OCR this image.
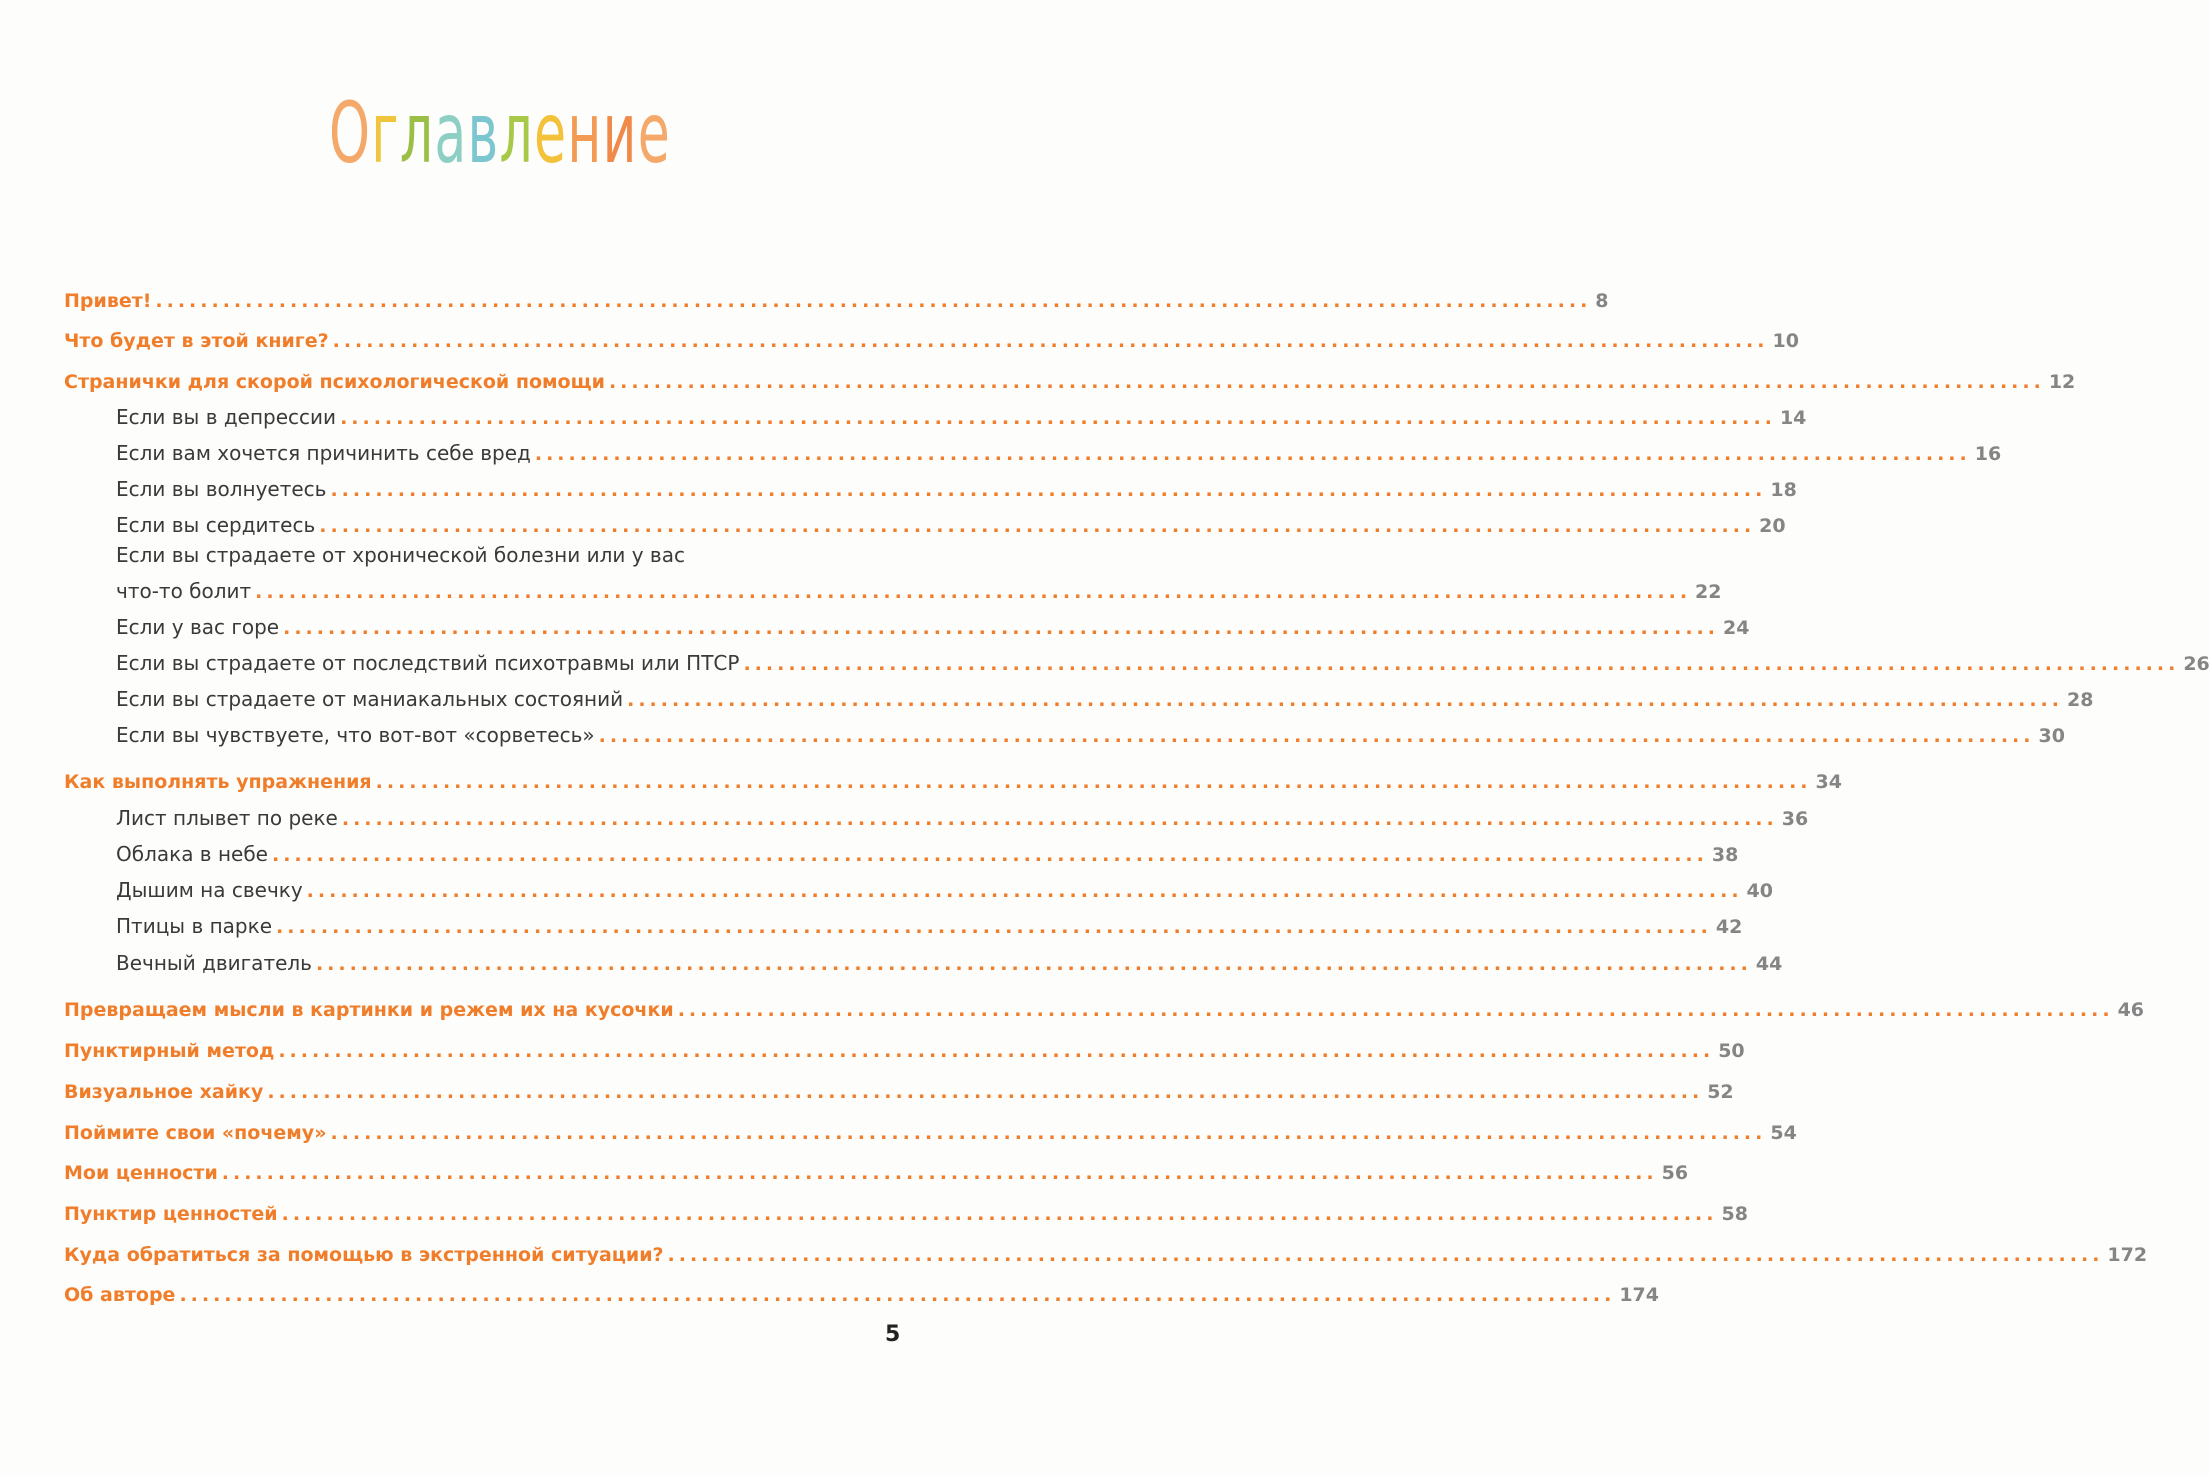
Оглавление
Привет! ................................................................................................................................ 8
Что будет в этой книге? ................................................................................................................................ 10
Странички для скорой психологической помощи ................................................................................................................................ 12
Если вы в депрессии ................................................................................................................................ 14
Если вам хочется причинить себе вред ................................................................................................................................ 16
Если вы волнуетесь ................................................................................................................................ 18
Если вы сердитесь ................................................................................................................................ 20
что-то болит ................................................................................................................................ 22
Если вы страдаете от хронической болезни или у вас
Если у вас горе ................................................................................................................................ 24
Если вы страдаете от последствий психотравмы или ПТСР ................................................................................................................................ 26
Если вы страдаете от маниакальных состояний ................................................................................................................................ 28
Если вы чувствуете, что вот-вот «сорветесь» ................................................................................................................................ 30
Как выполнять упражнения ................................................................................................................................ 34
Лист плывет по реке ................................................................................................................................ 36
Облака в небе ................................................................................................................................ 38
Дышим на свечку ................................................................................................................................ 40
Птицы в парке ................................................................................................................................ 42
Вечный двигатель ................................................................................................................................ 44
Превращаем мысли в картинки и режем их на кусочки ................................................................................................................................ 46
Пунктирный метод ................................................................................................................................ 50
Визуальное хайку ................................................................................................................................ 52
Поймите свои «почему» ................................................................................................................................ 54
Мои ценности ................................................................................................................................ 56
Пунктир ценностей ................................................................................................................................ 58
Куда обратиться за помощью в экстренной ситуации? ................................................................................................................................ 172
Об авторе ................................................................................................................................ 174
5
